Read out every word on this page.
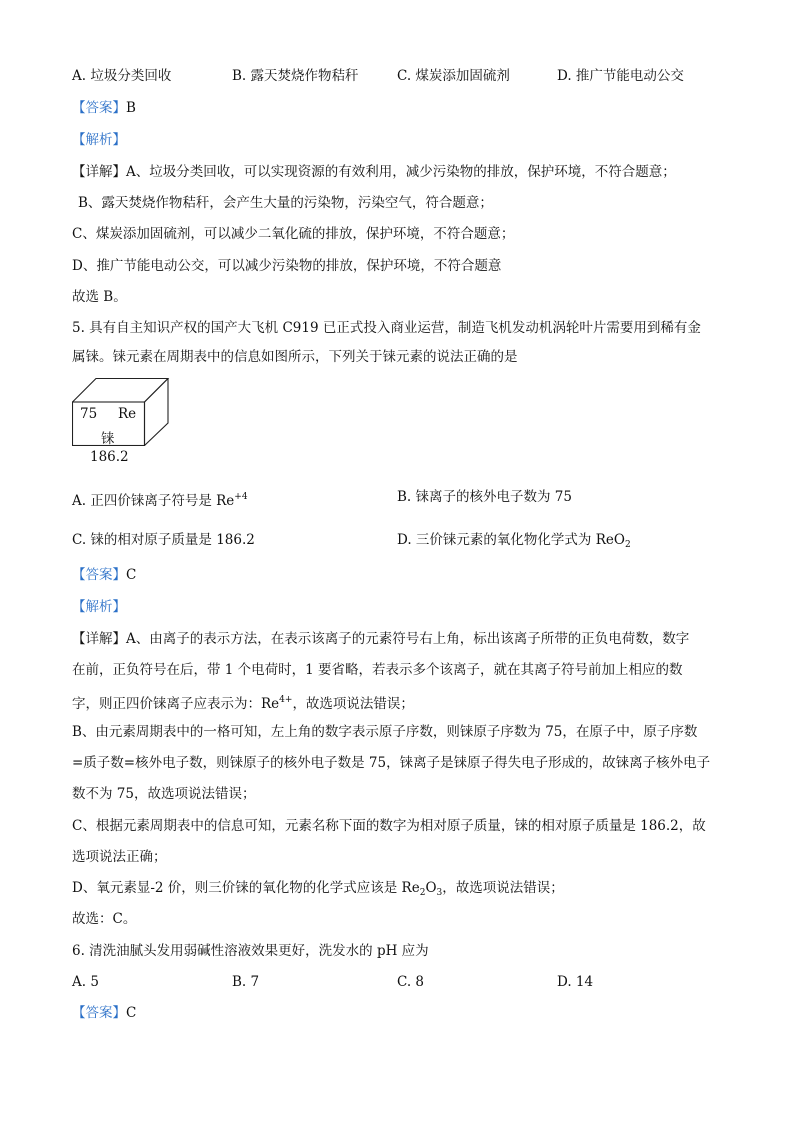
A. 垃圾分类回收	B. 露天焚烧作物秸秆	C. 煤炭添加固硫剂	D. 推广节能电动公交
【答案】B
【解析】
【详解】A、垃圾分类回收，可以实现资源的有效利用，减少污染物的排放，保护环境，不符合题意；
B、露天焚烧作物秸秆，会产生大量的污染物，污染空气，符合题意；
C、煤炭添加固硫剂，可以减少二氧化硫的排放，保护环境，不符合题意；
D、推广节能电动公交，可以减少污染物的排放，保护环境，不符合题意
故选 B。
5. 具有自主知识产权的国产大飞机 C919 已正式投入商业运营，制造飞机发动机涡轮叶片需要用到稀有金
属铼。铼元素在周期表中的信息如图所示，下列关于铼元素的说法正确的是
75 Re
铼
186.2
A. 正四价铼离子符号是 $Re^{+4}$	B. 铼离子的核外电子数为 75
C. 铼的相对原子质量是 186.2	D. 三价铼元素的氧化物化学式为 ReO$_2$
【答案】C
【解析】
【详解】A、由离子的表示方法，在表示该离子的元素符号右上角，标出该离子所带的正负电荷数，数字
在前，正负符号在后，带 1 个电荷时，1 要省略，若表示多个该离子，就在其离子符号前加上相应的数
字，则正四价铼离子应表示为：$Re^{4+}$，故选项说法错误；
B、由元素周期表中的一格可知，左上角的数字表示原子序数，则铼原子序数为 75，在原子中，原子序数
=质子数=核外电子数，则铼原子的核外电子数是 75，铼离子是铼原子得失电子形成的，故铼离子核外电子
数不为 75，故选项说法错误；
C、根据元素周期表中的信息可知，元素名称下面的数字为相对原子质量，铼的相对原子质量是 186.2，故
选项说法正确；
D、氧元素显-2 价，则三价铼的氧化物的化学式应该是 $Re_2O_3$，故选项说法错误；
故选：C。
6. 清洗油腻头发用弱碱性溶液效果更好，洗发水的 pH 应为
A. 5	B. 7	C. 8	D. 14
【答案】C
